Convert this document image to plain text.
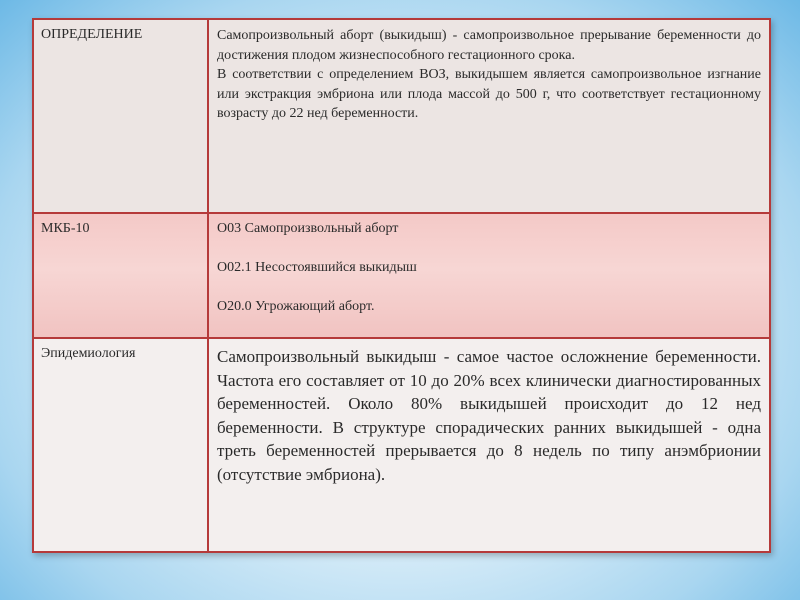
ОПРЕДЕЛЕНИЕ	Самопроизвольный аборт (выкидыш) - самопроизвольное прерывание беременности до достижения плодом жизнеспособного гестационного срока.

В соответствии с определением ВОЗ, выкидышем является самопроизвольное изгнание или экстракция эмбриона или плода массой до 500 г, что соответствует гестационному возрасту до 22 нед беременности.

МКБ-10	О03 Самопроизвольный аборт

О02.1 Несостоявшийся выкидыш

О20.0 Угрожающий аборт.

Эпидемиология	Самопроизвольный выкидыш - самое частое осложнение беременности. Частота его составляет от 10 до 20% всех клинически диагностированных беременностей. Около 80% выкидышей происходит до 12 нед беременности. В структуре спорадических ранних выкидышей - одна треть беременностей прерывается до 8 недель по типу анэмбрионии (отсутствие эмбриона).
